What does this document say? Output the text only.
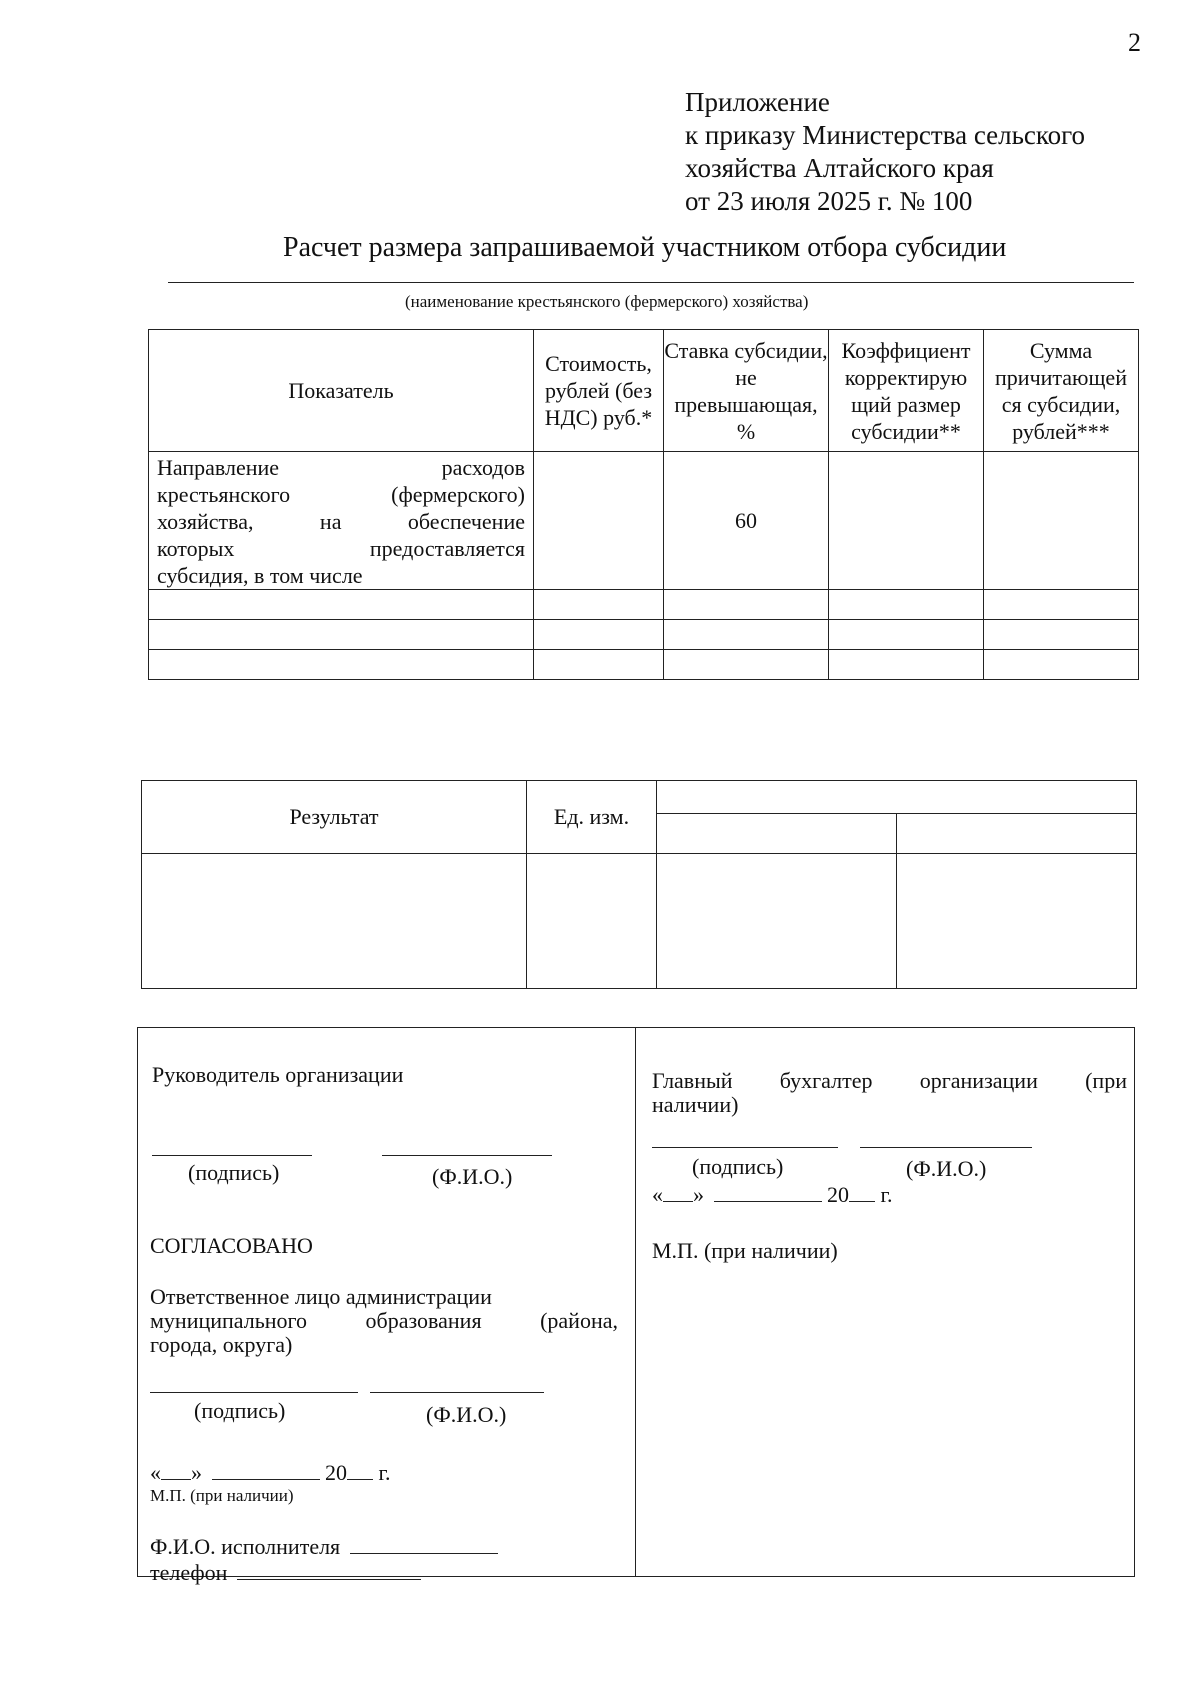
2
Приложение
к приказу Министерства сельского
хозяйства Алтайского края
от 23 июля 2025 г. № 100
Расчет размера запрашиваемой участником отбора субсидии
(наименование крестьянского (фермерского) хозяйства)
Показатель	Стоимость, рублей (без НДС) руб.*	Ставка субсидии, не превышающая, %	Коэффициент корректирую щий размер субсидии**	Сумма причитающей ся субсидии, рублей***

Направление расходов
крестьянского (фермерского)
хозяйства, на обеспечение
которых предоставляется
субсидия, в том числе		60		

Результат	Ед. изм.		

Руководитель организации
(подпись)	(Ф.И.О.)
СОГЛАСОВАНО
Ответственное лицо администрации
муниципального	образования	(района,
города, округа)
(подпись)	(Ф.И.О.)
« »	20 г.
М.П. (при наличии)
Ф.И.О. исполнителя
телефон

Главный бухгалтер организации (при
наличии)
(подпись)	(Ф.И.О.)
« »	20 г.
М.П. (при наличии)
